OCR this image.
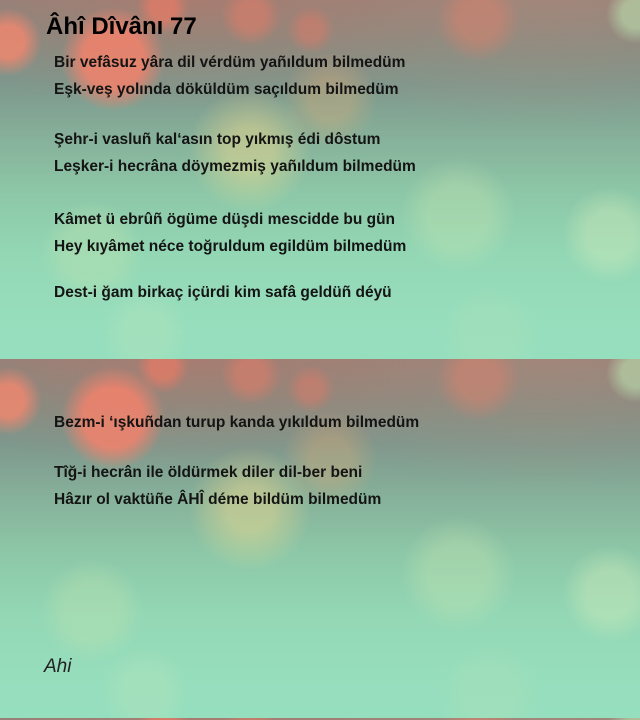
Âhî Dîvânı 77

Bir vefâsuz yâra dil vérdüm yañıldum bilmedüm

Eşk-veş yolında döküldüm saçıldum bilmedüm

Şehr-i vasluñ kal‘asın top yıkmış édi dôstum

Leşker-i hecrâna döymezmiş yañıldum bilmedüm

Kâmet ü ebrûñ ögüme düşdi mescidde bu gün

Hey kıyâmet néce toğruldum egildüm bilmedüm

Dest-i ğam birkaç içürdi kim safâ geldüñ déyü

Bezm-i ‘ışkuñdan turup kanda yıkıldum bilmedüm

Tîğ-i hecrân ile öldürmek diler dil-ber beni

Hâzır ol vaktüñe ÂHÎ déme bildüm bilmedüm

Ahi
